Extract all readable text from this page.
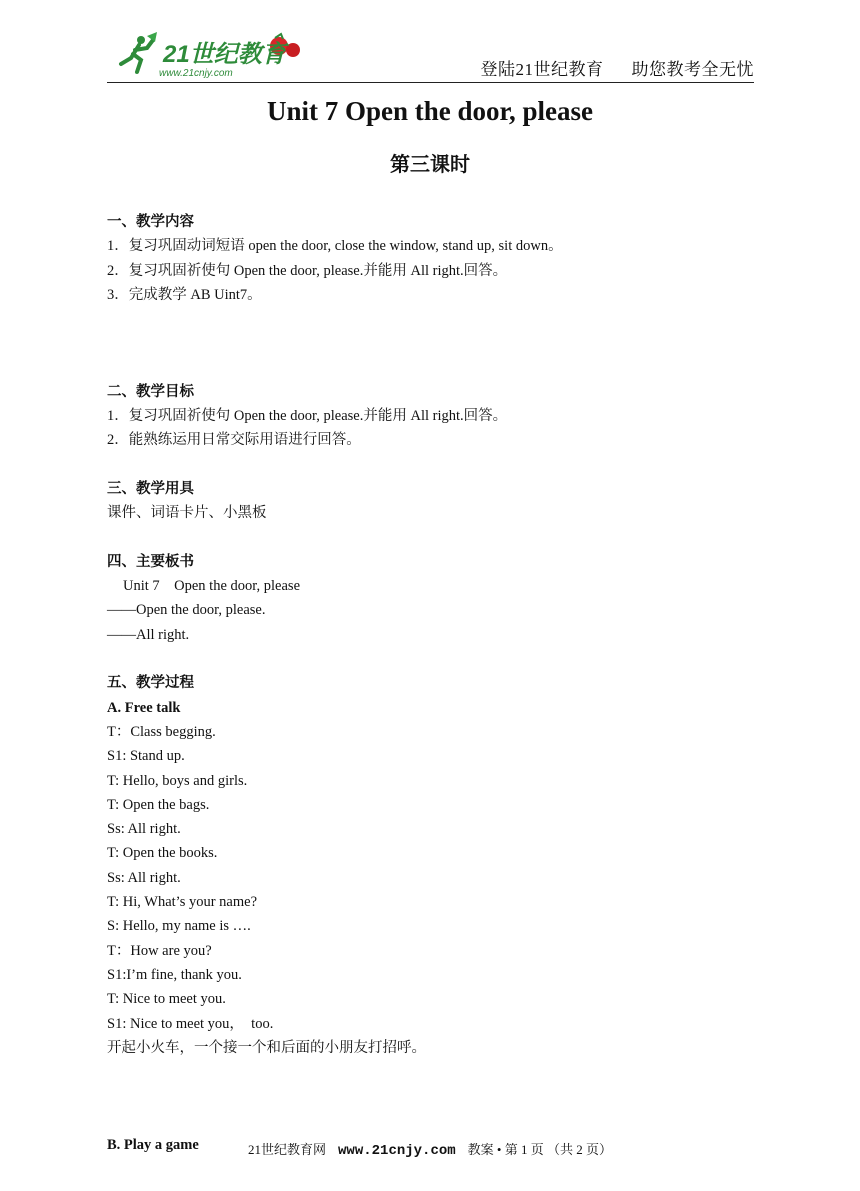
21世纪教育
www.21cnjy.com	登陆21世纪教育 助您教考全无忧
Unit 7 Open the door, please
第三课时
一、教学内容
1．复习巩固动词短语 open the door, close the window, stand up, sit down。
2．复习巩固祈使句 Open the door, please.并能用 All right.回答。
3．完成教学 AB Uint7。
二、教学目标
1．复习巩固祈使句 Open the door, please.并能用 All right.回答。
2．能熟练运用日常交际用语进行回答。
三、教学用具
课件、词语卡片、小黑板
四、主要板书
Unit 7    Open the door, please
——Open the door, please.
——All right.
五、教学过程
A. Free talk
T：Class begging.
S1: Stand up.
T: Hello, boys and girls.
T: Open the bags.
Ss: All right.
T: Open the books.
Ss: All right.
T: Hi, What’s your name?
S: Hello, my name is ….
T：How are you?
S1:I’m fine, thank you.
T: Nice to meet you.
S1: Nice to meet you，  too.
开起小火车，一个接一个和后面的小朋友打招呼。
B. Play a game	21世纪教育网 www.21cnjy.com 教案 • 第 1 页 （共 2 页）
